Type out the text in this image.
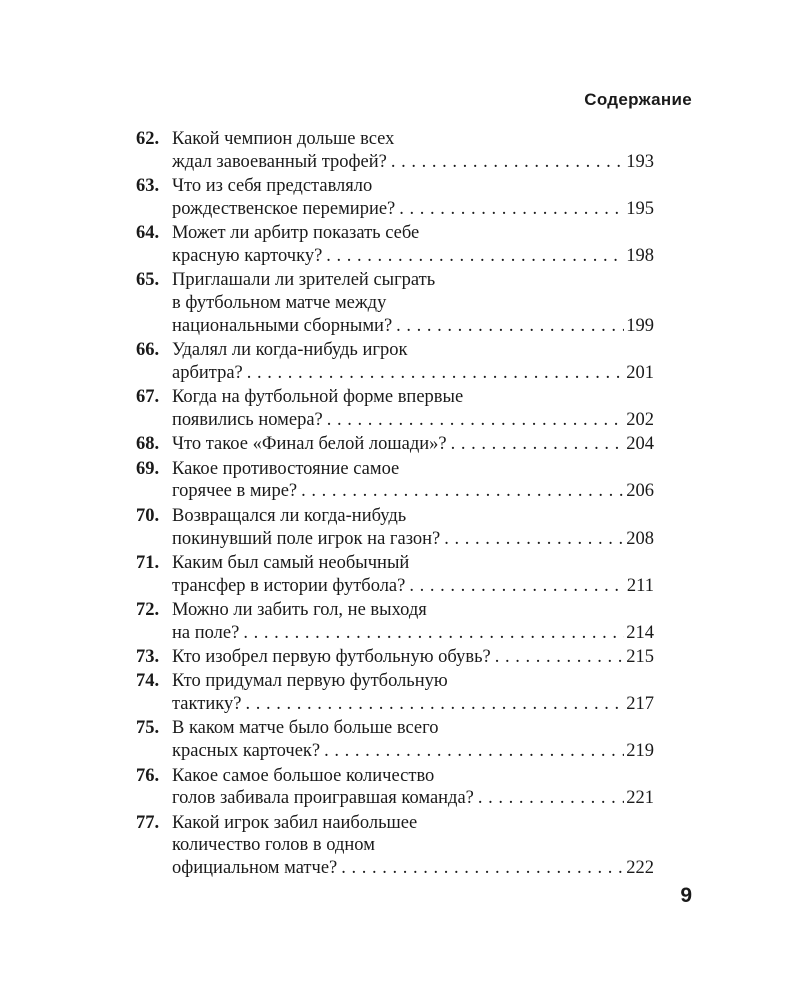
Содержание
62. Какой чемпион дольше всех
ждал завоеванный трофей? . . .	193
63. Что из себя представляло
рождественское перемирие? . . .	195
64. Может ли арбитр показать себе
красную карточку? . . .	198
65. Приглашали ли зрителей сыграть
в футбольном матче между
национальными сборными? . . .	199
66. Удалял ли когда-нибудь игрок
арбитра? . . .	201
67. Когда на футбольной форме впервые
появились номера? . . .	202
68. Что такое «Финал белой лошади»? . . .	204
69. Какое противостояние самое
горячее в мире? . . .	206
70. Возвращался ли когда-нибудь
покинувший поле игрок на газон? . . .	208
71. Каким был самый необычный
трансфер в истории футбола? . . .	211
72. Можно ли забить гол, не выходя
на поле? . . .	214
73. Кто изобрел первую футбольную обувь? . . .	215
74. Кто придумал первую футбольную
тактику? . . .	217
75. В каком матче было больше всего
красных карточек? . . .	219
76. Какое самое большое количество
голов забивала проигравшая команда? . . .	221
77. Какой игрок забил наибольшее
количество голов в одном
официальном матче? . . .	222
9
